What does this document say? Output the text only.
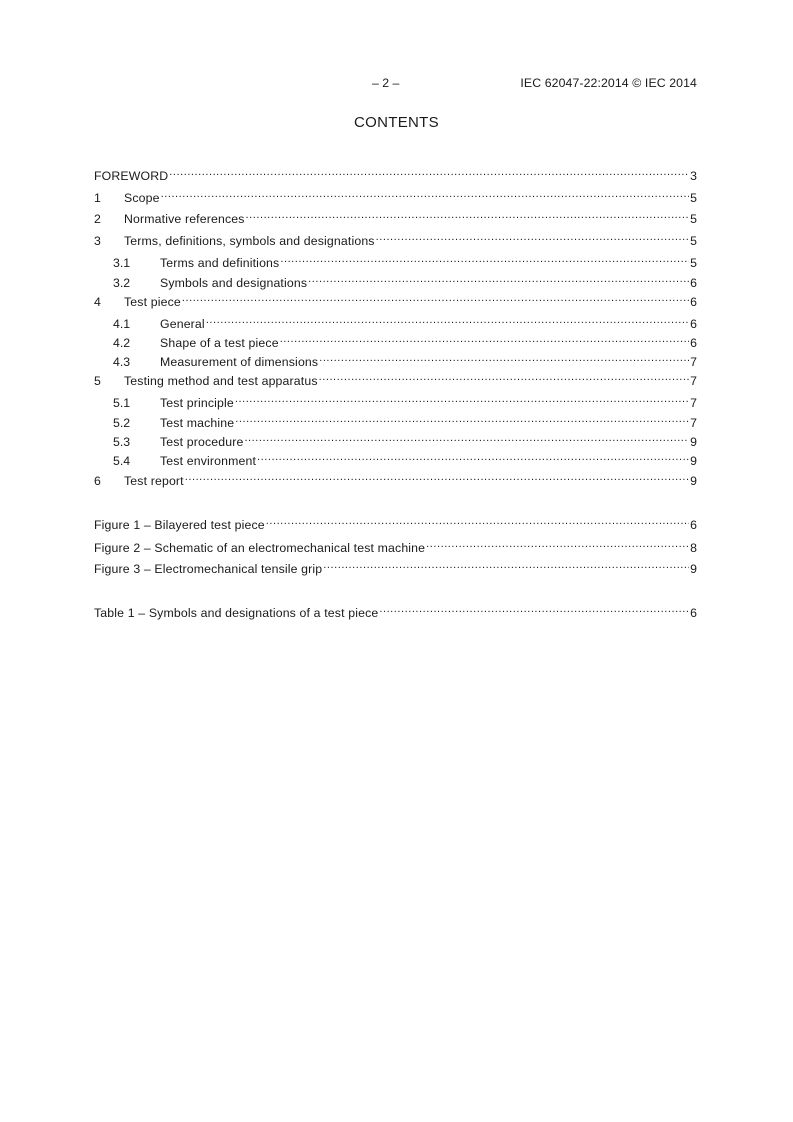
– 2 –	IEC 62047-22:2014 © IEC 2014
CONTENTS
FOREWORD .....	3
1	Scope .....	5
2	Normative references .....	5
3	Terms, definitions, symbols and designations .....	5
3.1	Terms and definitions .....	5
3.2	Symbols and designations .....	6
4	Test piece .....	6
4.1	General .....	6
4.2	Shape of a test piece .....	6
4.3	Measurement of dimensions .....	7
5	Testing method and test apparatus .....	7
5.1	Test principle .....	7
5.2	Test machine .....	7
5.3	Test procedure .....	9
5.4	Test environment .....	9
6	Test report .....	9
Figure 1 – Bilayered test piece .....	6
Figure 2 – Schematic of an electromechanical test machine .....	8
Figure 3 – Electromechanical tensile grip .....	9
Table 1 – Symbols and designations of a test piece .....	6
